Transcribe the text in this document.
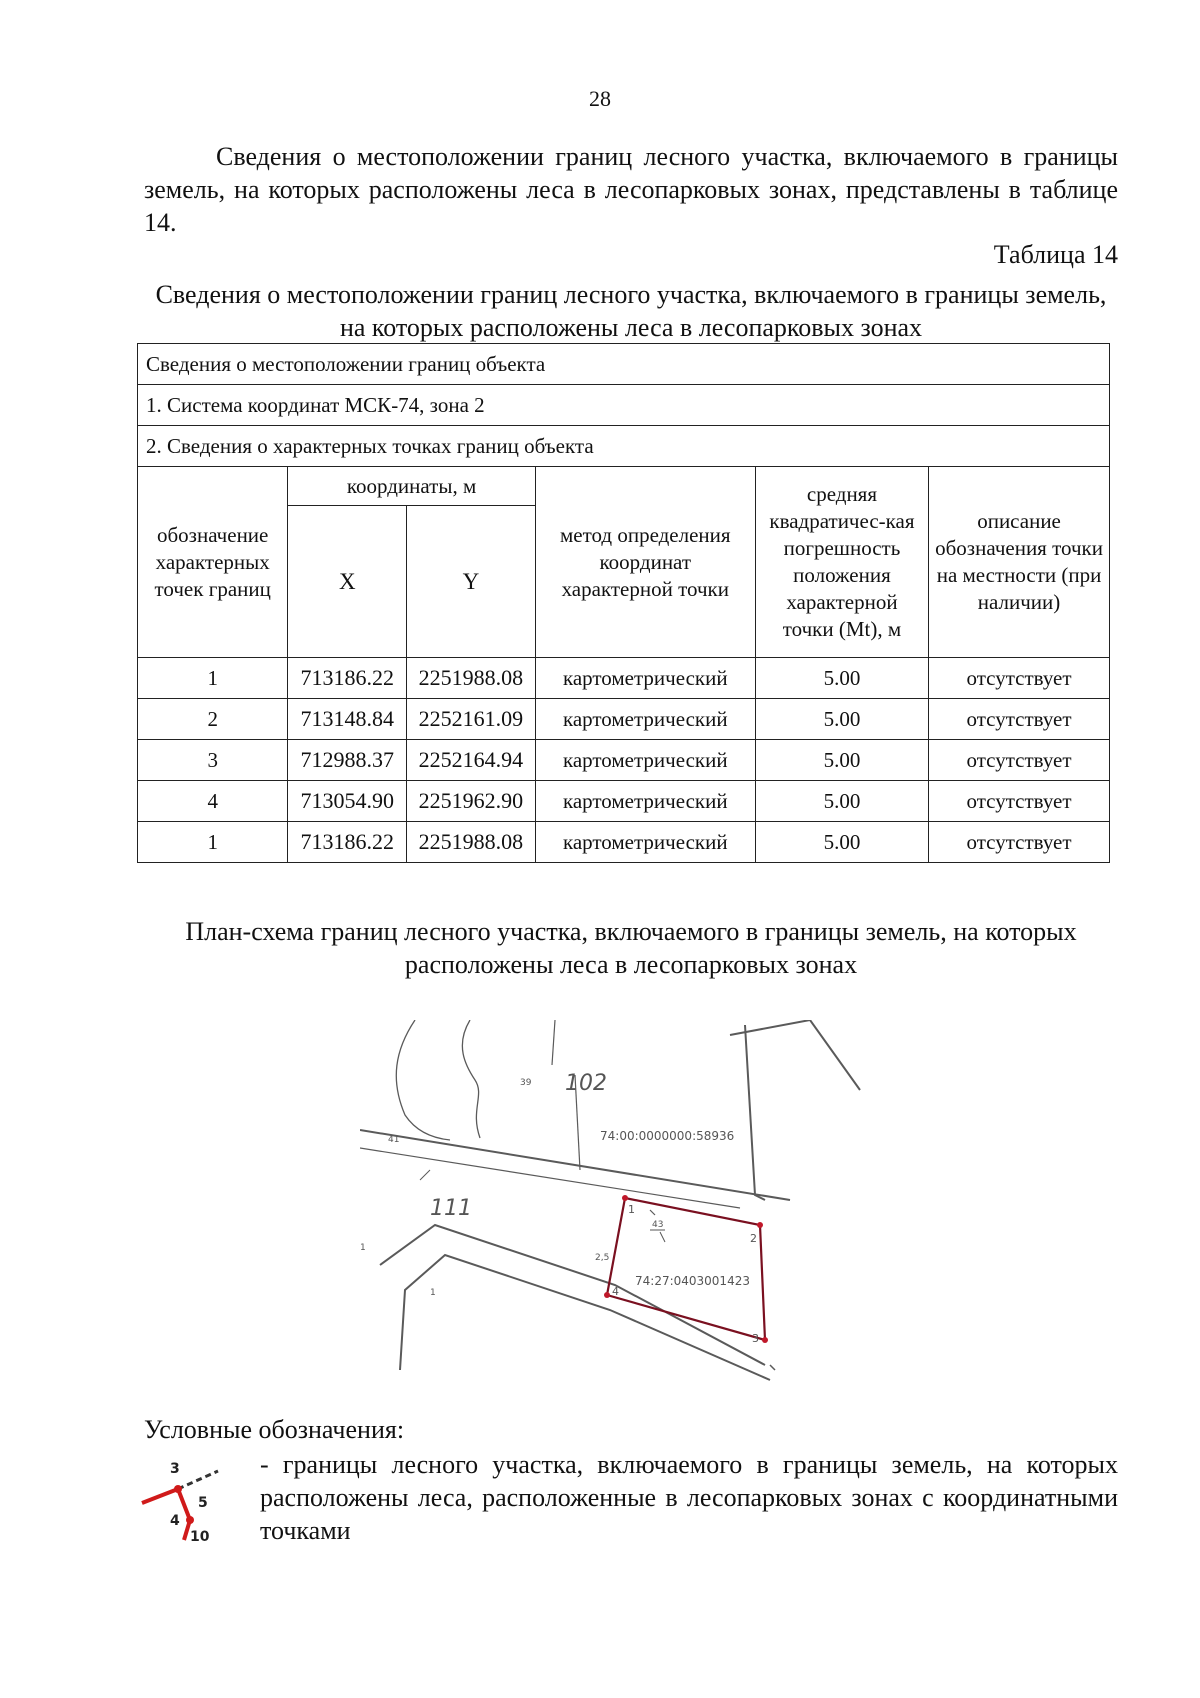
28

Сведения о местоположении границ лесного участка, включаемого в границы земель, на которых расположены леса в лесопарковых зонах, представлены в таблице 14.

Таблица 14

Сведения о местоположении границ лесного участка, включаемого в границы земель, на которых расположены леса в лесопарковых зонах

Сведения о местоположении границ объекта					
1. Система координат МСК-74, зона 2					
2. Сведения о характерных точках границ объекта					
обозначение характерных точек границ	координаты, м		метод определения координат характерной точки	средняя квадратичес-кая погрешность положения характерной точки (Mt), м	описание обозначения точки на местности (при наличии)
	X	Y			
1	713186.22	2251988.08	картометрический	5.00	отсутствует
2	713148.84	2252161.09	картометрический	5.00	отсутствует
3	712988.37	2252164.94	картометрический	5.00	отсутствует
4	713054.90	2251962.90	картометрический	5.00	отсутствует
1	713186.22	2251988.08	картометрический	5.00	отсутствует

План-схема границ лесного участка, включаемого в границы земель, на которых расположены леса в лесопарковых зонах

102
111
74:00:0000000:58936
74:27:0403001423
39
41
43
2,5
1
1
1
2
3
4
Условные обозначения:
3
5
4
10

- границы лесного участка, включаемого в границы земель, на которых расположены леса, расположенные в лесопарковых зонах с координатными точками
